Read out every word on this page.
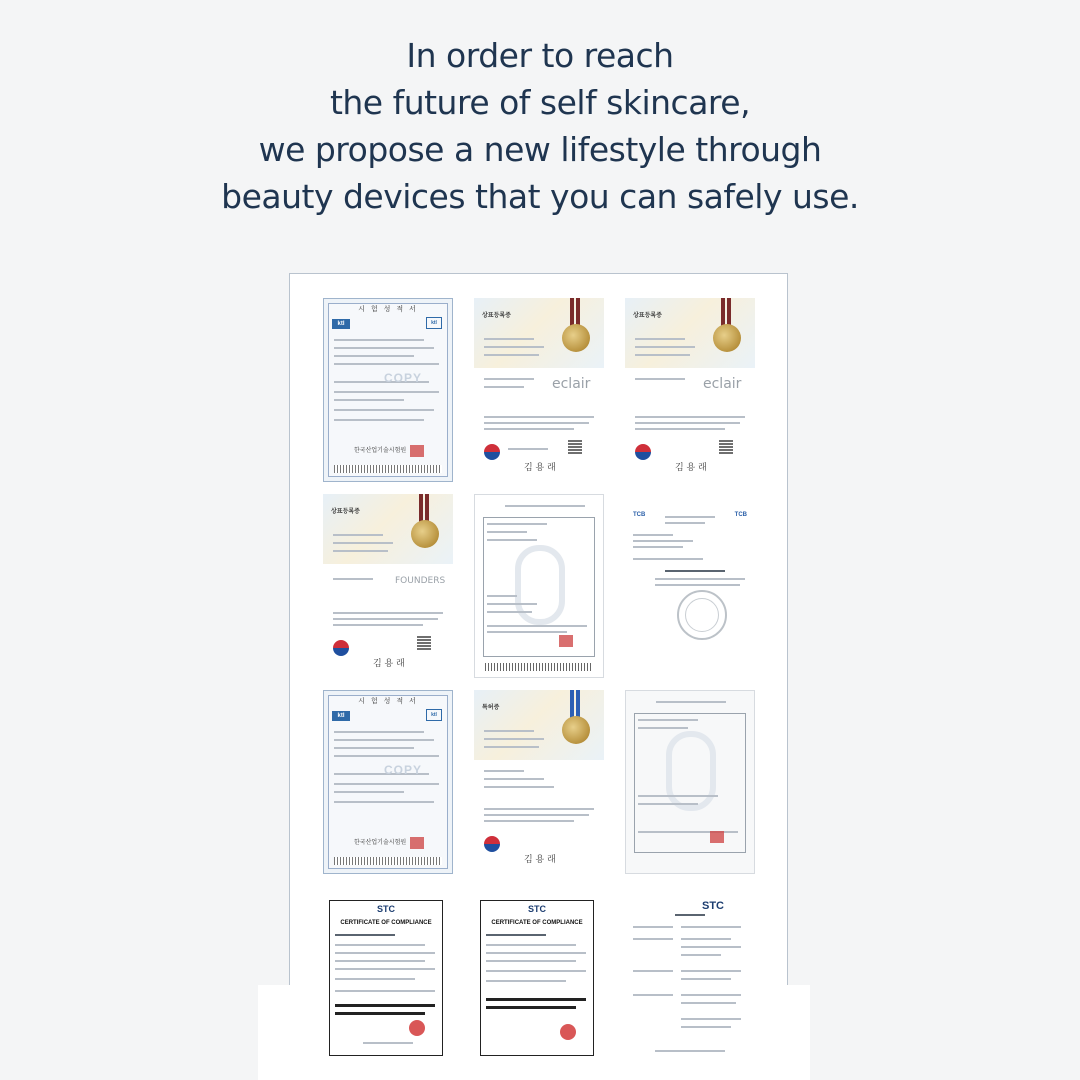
In order to reach
the future of self skincare,
we propose a new lifestyle through
beauty devices that you can safely use.
시 험 성 적 서
ktl	ktl
COPY
한국산업기술시험원
상표등록증
eclair
김 용 래
상표등록증
eclair
김 용 래
상표등록증
FOUNDERS
김 용 래
TCB	TCB
시 험 성 적 서
ktl	ktl
COPY
한국산업기술시험원
특허증
김 용 래
STC
CERTIFICATE OF COMPLIANCE
STC
CERTIFICATE OF COMPLIANCE
STC
